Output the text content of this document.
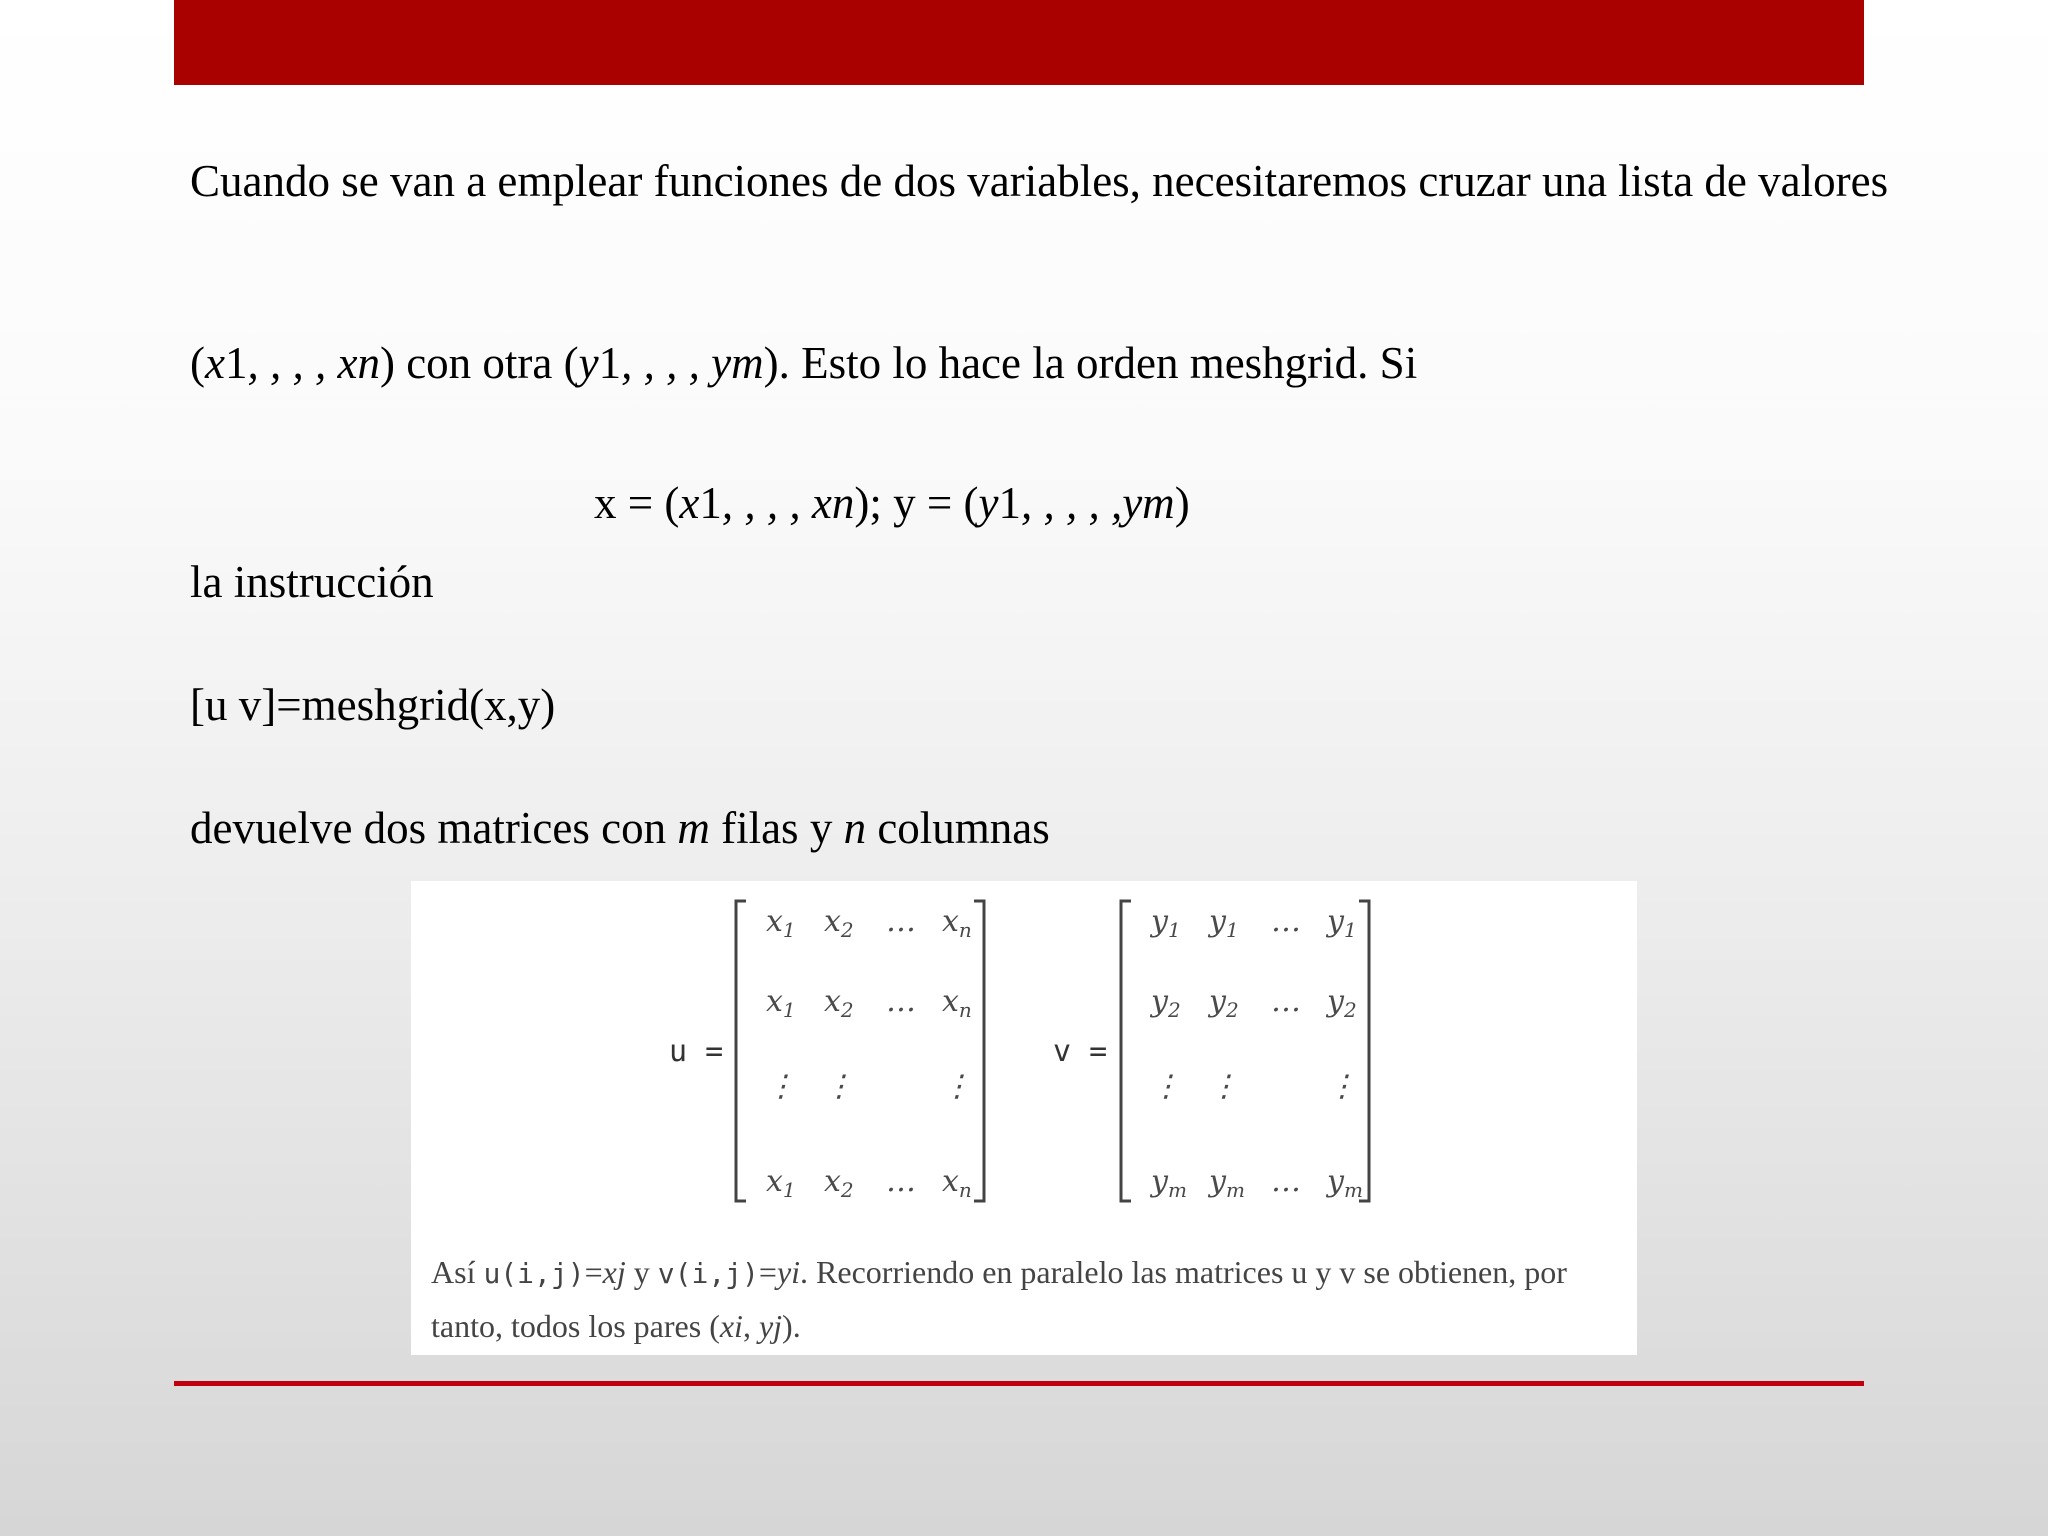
Cuando se van a emplear funciones de dos variables, necesitaremos cruzar una lista de valores

(x1, , , , xn) con otra (y1, , , , ym). Esto lo hace la orden meshgrid. Si

x = (x1, , , , xn); y = (y1, , , , ,ym)

la instrucción

[u v]=meshgrid(x,y)

devuelve dos matrices con m filas y n columnas

u =	v =
$x_1$ $x_2$ … $x_n$
$x_1$ $x_2$ … $x_n$
⋮ ⋮	⋮
$x_1$ $x_2$ … $x_n$
$y_1$ $y_1$ … $y_1$
$y_2$ $y_2$ … $y_2$
⋮ ⋮	⋮
$y_m$ $y_m$ … $y_m$
Así u(i,j)=xj y v(i,j)=yi. Recorriendo en paralelo las matrices u y v se obtienen, por tanto, todos los pares (xi, yj).
